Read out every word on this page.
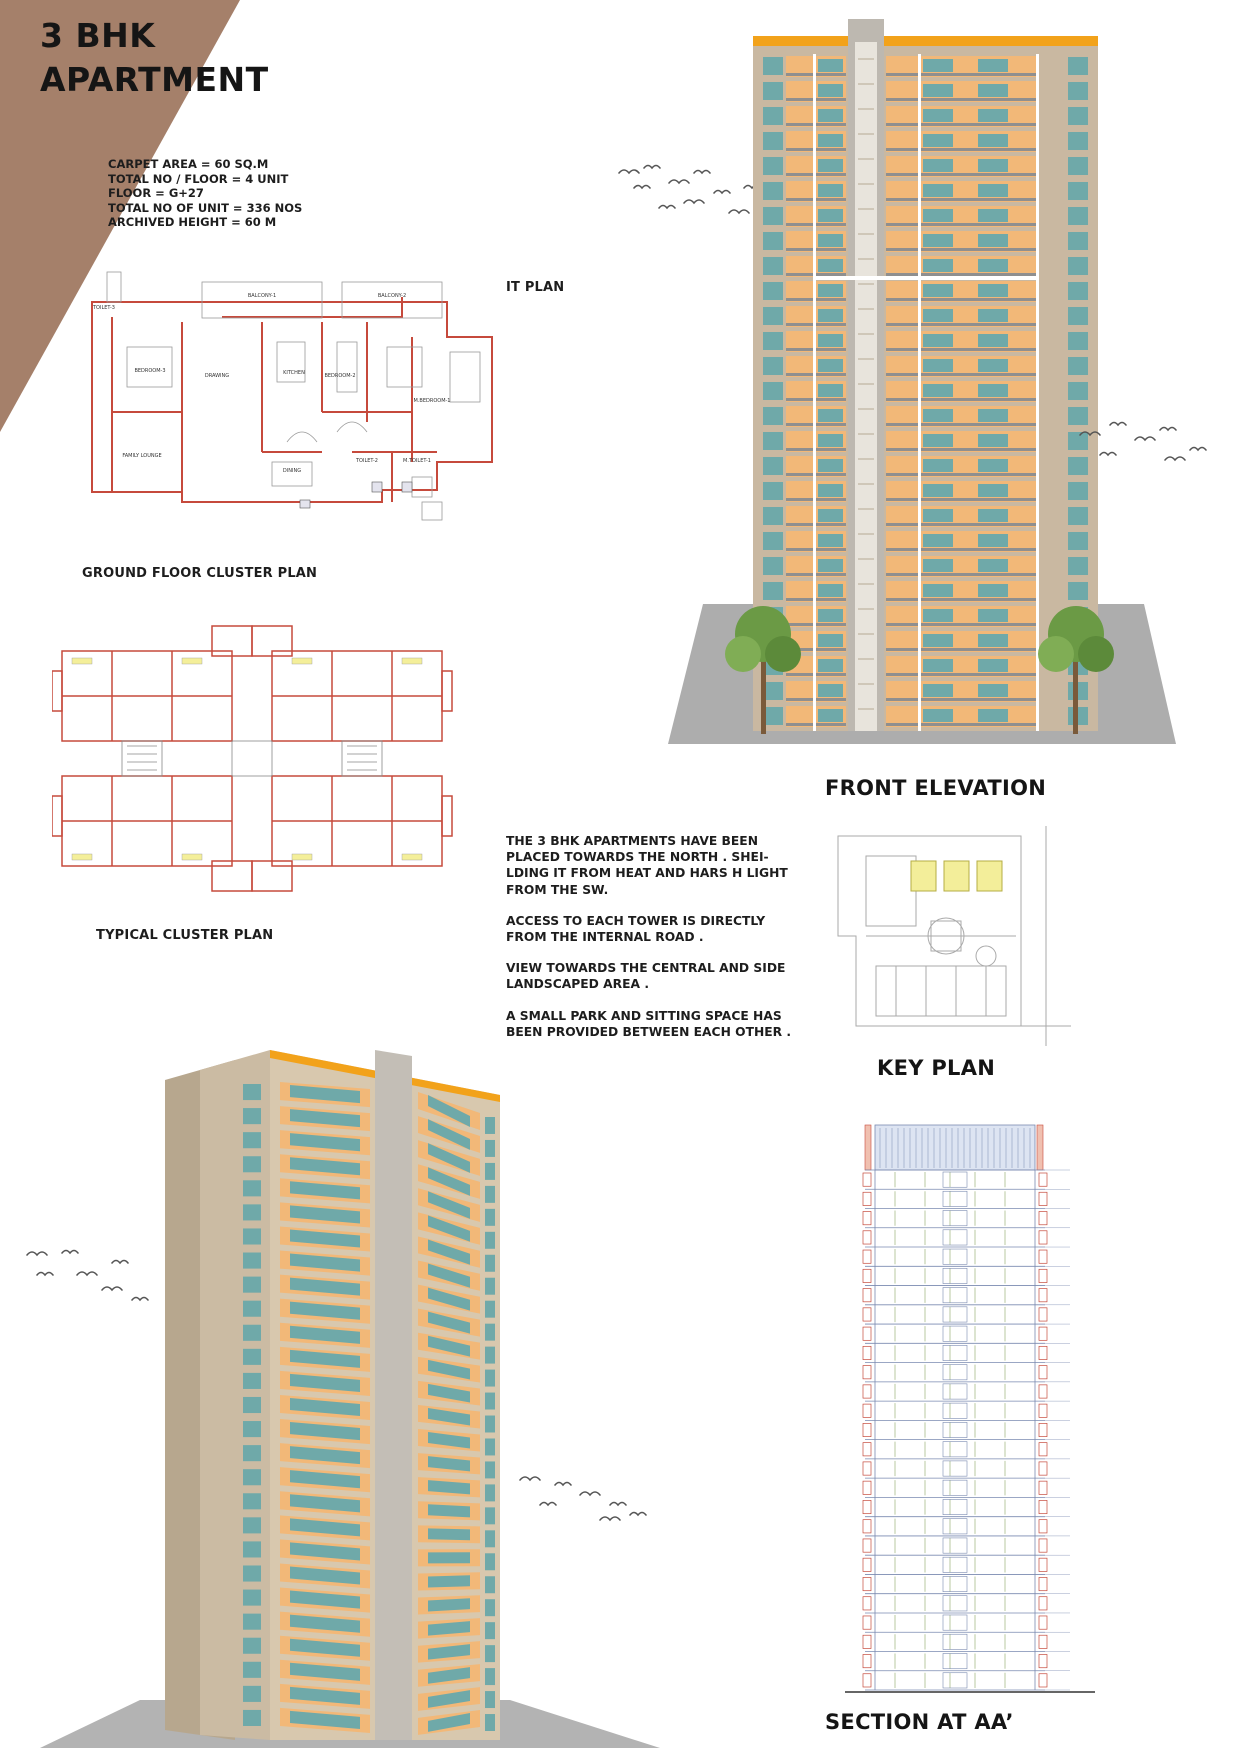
3 BHK
APARTMENT
CARPET AREA = 60 SQ.M
TOTAL NO / FLOOR = 4 UNIT
FLOOR = G+27
TOTAL NO OF UNIT = 336 NOS
ARCHIVED HEIGHT = 60 M
TOILET-3
BALCONY-1	BALCONY-2
BEDROOM-3
DRAWING	KITCHEN	BEDROOM-2
M.BEDROOM-1
FAMILY LOUNGE
DINING
TOILET-2	M.TOILET-1
IT PLAN
GROUND FLOOR CLUSTER PLAN
TYPICAL CLUSTER PLAN
FRONT ELEVATION

THE 3 BHK APARTMENTS HAVE BEEN PLACED TOWARDS THE NORTH . SHEI-LDING IT FROM HEAT AND HARS H LIGHT FROM THE SW.

ACCESS TO EACH TOWER IS DIRECTLY FROM THE INTERNAL ROAD .

VIEW TOWARDS THE CENTRAL AND SIDE LANDSCAPED AREA .

A SMALL PARK AND SITTING SPACE HAS BEEN PROVIDED BETWEEN EACH OTHER .

KEY PLAN
SECTION AT AA’
